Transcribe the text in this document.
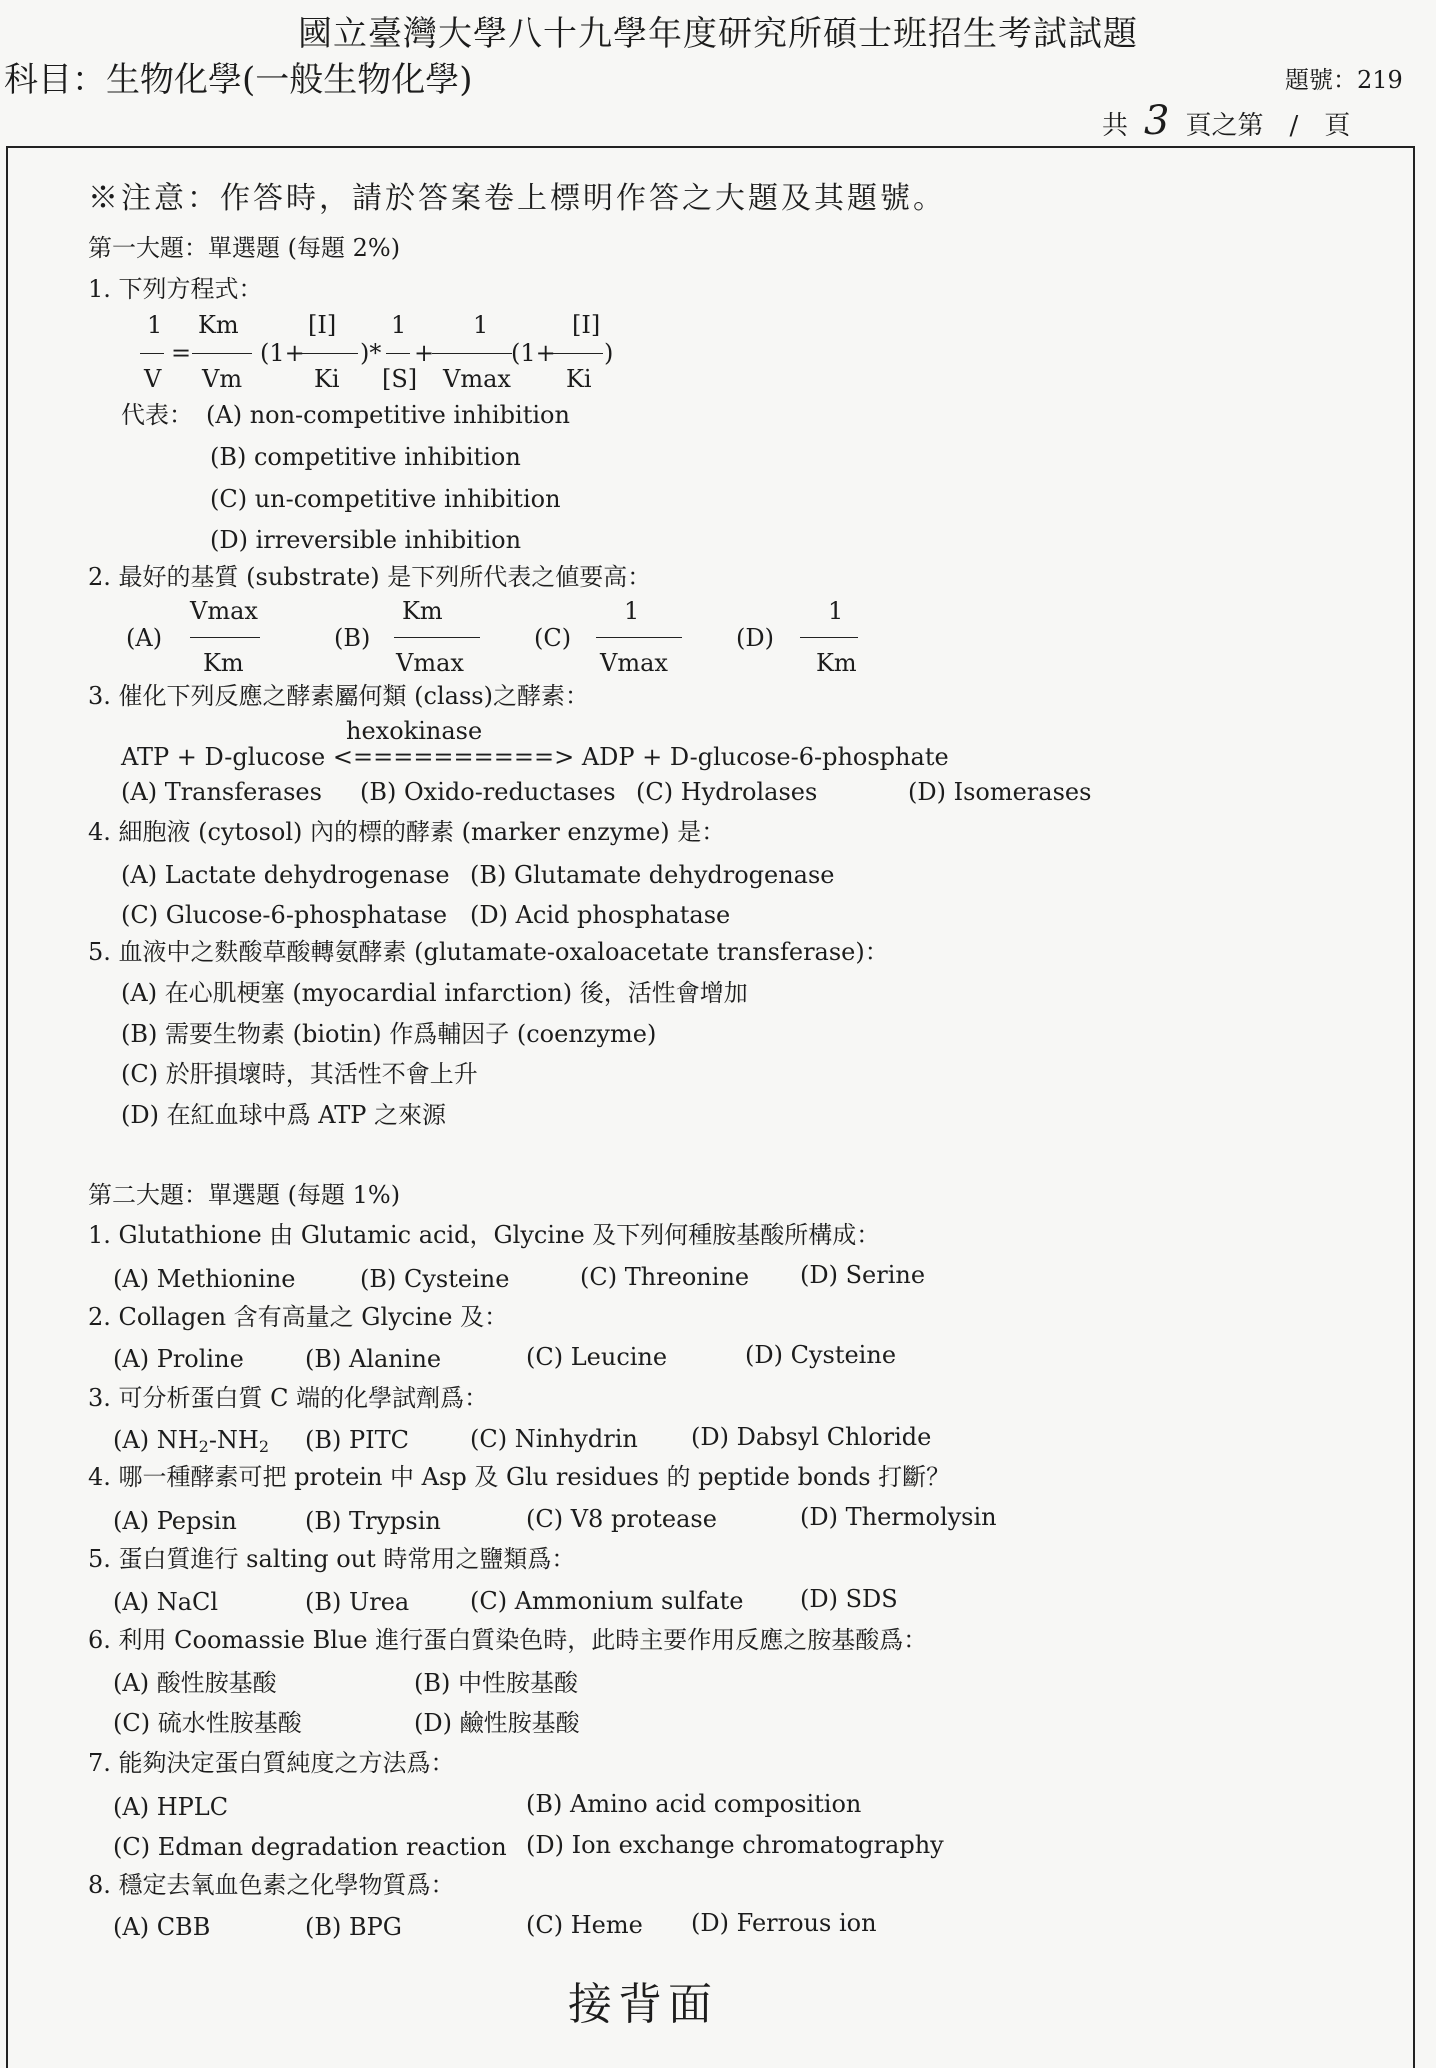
國立臺灣大學八十九學年度研究所碩士班招生考試試題
科目：生物化學(一般生物化學)	題號：219
共 3 頁之第 / 頁
※注意：作答時，請於答案卷上標明作答之大題及其題號。
第一大題：單選題 (每題 2%)
1. 下列方程式：
1 Km	[I] 1	1	[I]
=	(1+ )* +	(1+ )
V Vm	Ki [S] Vmax Ki
代表： (A) non-competitive inhibition
(B) competitive inhibition
(C) un-competitive inhibition
(D) irreversible inhibition
2. 最好的基質 (substrate) 是下列所代表之値要高：
(A)
Vmax
Km
(B)
Km
Vmax
(C)
1
Vmax
(D)
1
Km
3. 催化下列反應之酵素屬何類 (class)之酵素：
hexokinase
ATP + D-glucose <==========> ADP + D-glucose-6-phosphate
(A) Transferases (B) Oxido-reductases (C) Hydrolases	(D) Isomerases
4. 細胞液 (cytosol) 內的標的酵素 (marker enzyme) 是：
(A) Lactate dehydrogenase (B) Glutamate dehydrogenase
(C) Glucose-6-phosphatase (D) Acid phosphatase
5. 血液中之麩酸草酸轉氨酵素 (glutamate-oxaloacetate transferase)：
(A) 在心肌梗塞 (myocardial infarction) 後，活性會增加
(B) 需要生物素 (biotin) 作爲輔因子 (coenzyme)
(C) 於肝損壞時，其活性不會上升
(D) 在紅血球中爲 ATP 之來源
第二大題：單選題 (每題 1%)
1. Glutathione 由 Glutamic acid，Glycine 及下列何種胺基酸所構成：
(A) Methionine	(B) Cysteine	(C) Threonine (D) Serine
2. Collagen 含有高量之 Glycine 及：
(A) Proline	(B) Alanine	(C) Leucine	(D) Cysteine
3. 可分析蛋白質 C 端的化學試劑爲：
(A) $NH_2-NH_2$ (B) PITC	(C) Ninhydrin (D) Dabsyl Chloride
4. 哪一種酵素可把 protein 中 Asp 及 Glu residues 的 peptide bonds 打斷？
(A) Pepsin	(B) Trypsin	(C) V8 protease	(D) Thermolysin
5. 蛋白質進行 salting out 時常用之鹽類爲：
(A) NaCl	(B) Urea	(C) Ammonium sulfate (D) SDS
6. 利用 Coomassie Blue 進行蛋白質染色時，此時主要作用反應之胺基酸爲：
(A) 酸性胺基酸	(B) 中性胺基酸
(C) 硫水性胺基酸	(D) 鹼性胺基酸
7. 能夠決定蛋白質純度之方法爲：
(A) HPLC	(B) Amino acid composition
(C) Edman degradation reaction (D) Ion exchange chromatography
8. 穩定去氧血色素之化學物質爲：
(A) CBB	(B) BPG	(C) Heme (D) Ferrous ion
接背面
